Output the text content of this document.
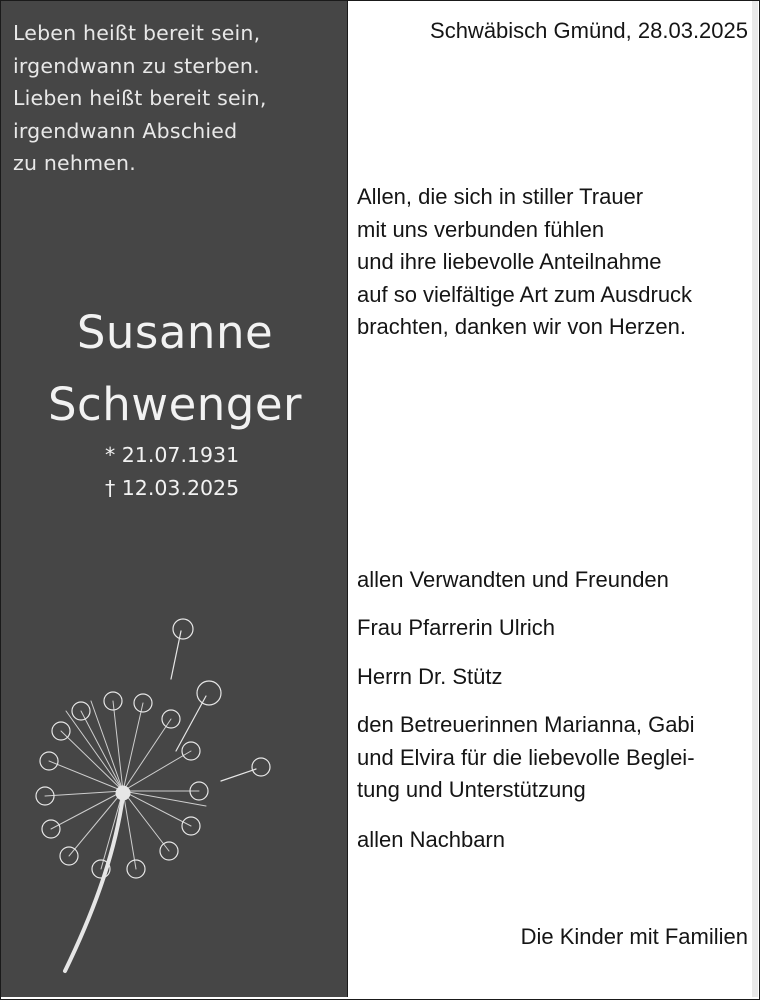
Leben heißt bereit sein,
irgendwann zu sterben.
Lieben heißt bereit sein,
irgendwann Abschied
zu nehmen.
Susanne
Schwenger
* 21.07.1931
† 12.03.2025
Schwäbisch Gmünd, 28.03.2025
Allen, die sich in stiller Trauer
mit uns verbunden fühlen
und ihre liebevolle Anteilnahme
auf so vielfältige Art zum Ausdruck
brachten, danken wir von Herzen.
allen Verwandten und Freunden
Frau Pfarrerin Ulrich
Herrn Dr. Stütz
den Betreuerinnen Marianna, Gabi
und Elvira für die liebevolle Beglei-
tung und Unterstützung
allen Nachbarn
Die Kinder mit Familien
